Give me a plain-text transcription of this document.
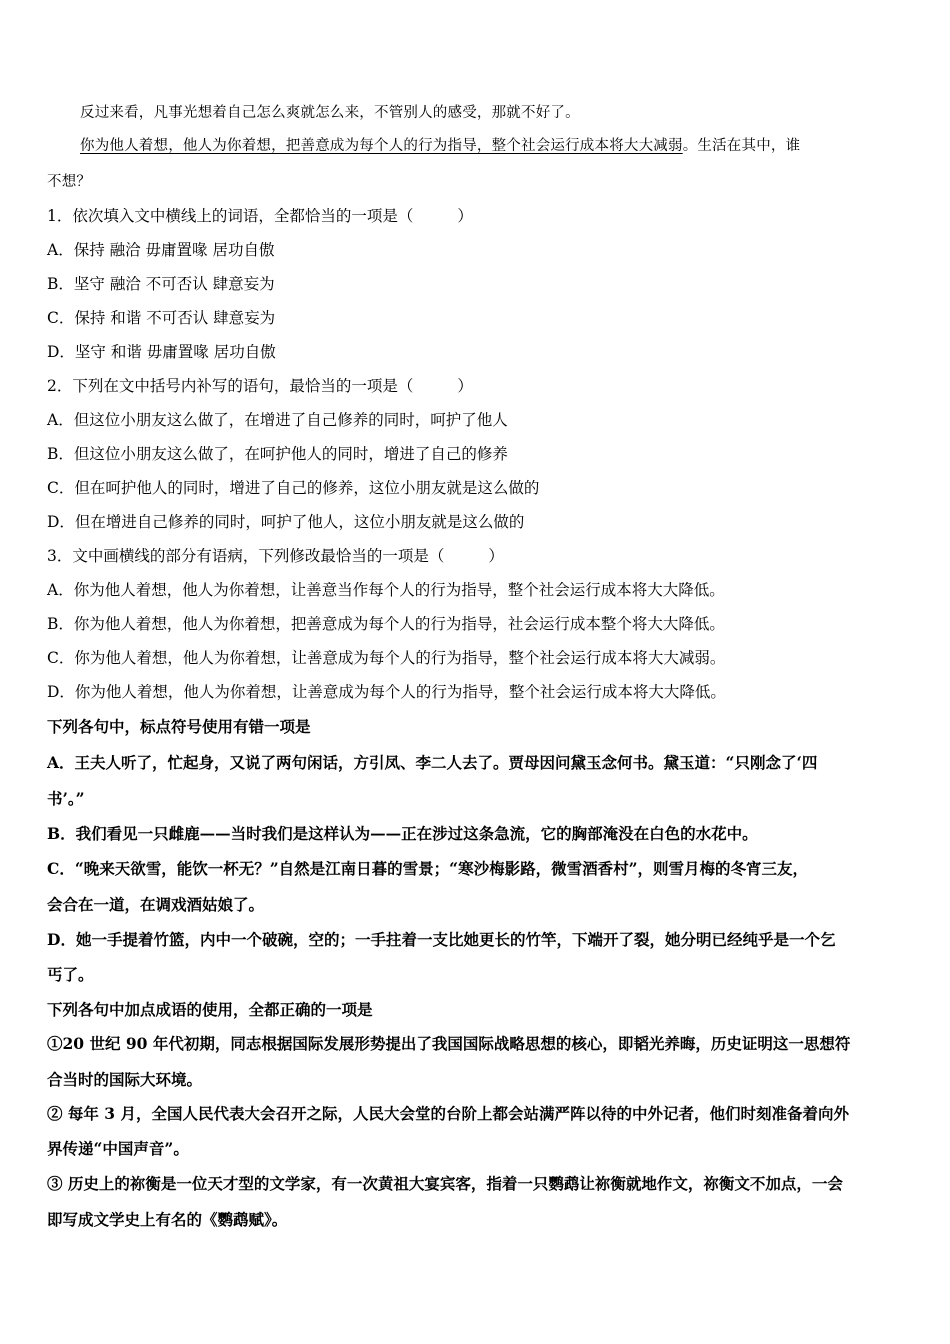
反过来看，凡事光想着自己怎么爽就怎么来，不管别人的感受，那就不好了。
你为他人着想，他人为你着想，把善意成为每个人的行为指导，整个社会运行成本将大大减弱。生活在其中，谁
不想？
1．依次填入文中横线上的词语，全都恰当的一项是（	）
A．保持 融洽 毋庸置喙 居功自傲
B．坚守 融洽 不可否认 肆意妄为
C．保持 和谐 不可否认 肆意妄为
D．坚守 和谐 毋庸置喙 居功自傲
2．下列在文中括号内补写的语句，最恰当的一项是（	）
A．但这位小朋友这么做了，在增进了自己修养的同时，呵护了他人
B．但这位小朋友这么做了，在呵护他人的同时，增进了自己的修养
C．但在呵护他人的同时，增进了自己的修养，这位小朋友就是这么做的
D．但在增进自己修养的同时，呵护了他人，这位小朋友就是这么做的
3．文中画横线的部分有语病，下列修改最恰当的一项是（	）
A．你为他人着想，他人为你着想，让善意当作每个人的行为指导，整个社会运行成本将大大降低。
B．你为他人着想，他人为你着想，把善意成为每个人的行为指导，社会运行成本整个将大大降低。
C．你为他人着想，他人为你着想，让善意成为每个人的行为指导，整个社会运行成本将大大减弱。
D．你为他人着想，他人为你着想，让善意成为每个人的行为指导，整个社会运行成本将大大降低。
下列各句中，标点符号使用有错一项是
A．王夫人听了，忙起身，又说了两句闲话，方引凤、李二人去了。贾母因问黛玉念何书。黛玉道：“只刚念了‘四
书’。”
B．我们看见一只雌鹿——当时我们是这样认为——正在涉过这条急流，它的胸部淹没在白色的水花中。
C．“晚来天欲雪，能饮一杯无？”自然是江南日暮的雪景；“寒沙梅影路，微雪酒香村”，则雪月梅的冬宵三友，
会合在一道，在调戏酒姑娘了。
D．她一手提着竹篮，内中一个破碗，空的；一手拄着一支比她更长的竹竿，下端开了裂，她分明已经纯乎是一个乞
丐了。
下列各句中加点成语的使用，全都正确的一项是
①20 世纪 90 年代初期，同志根据国际发展形势提出了我国国际战略思想的核心，即韬光养晦，历史证明这一思想符
合当时的国际大环境。
② 每年 3 月，全国人民代表大会召开之际，人民大会堂的台阶上都会站满严阵以待的中外记者，他们时刻准备着向外
界传递“中国声音”。
③ 历史上的祢衡是一位天才型的文学家，有一次黄祖大宴宾客，指着一只鹦鹉让祢衡就地作文，祢衡文不加点，一会
即写成文学史上有名的《鹦鹉赋》。
